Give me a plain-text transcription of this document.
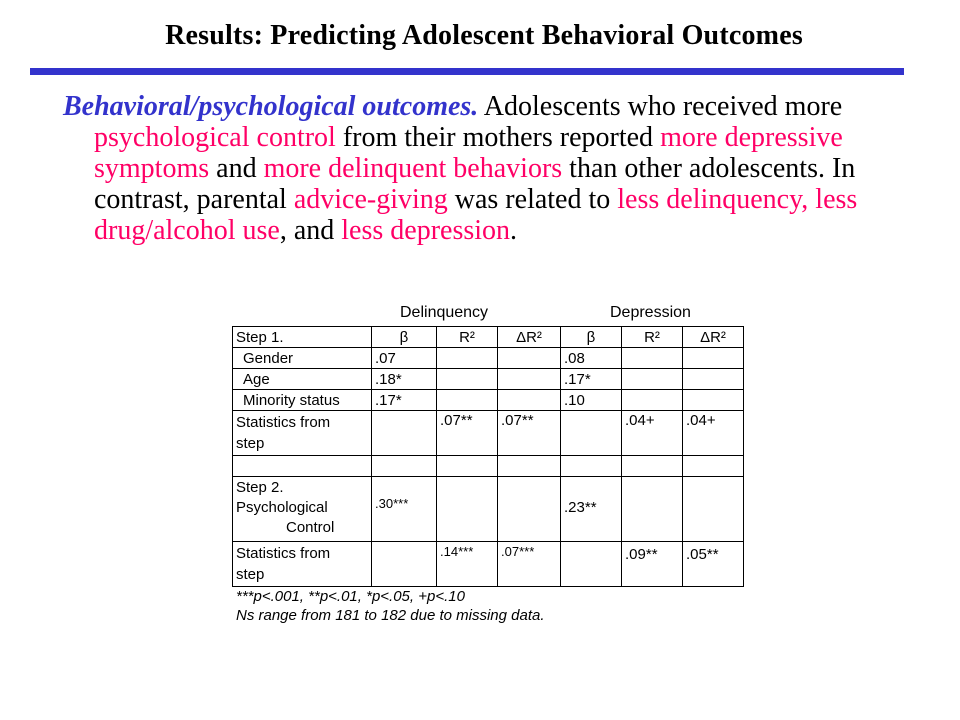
Results: Predicting Adolescent Behavioral Outcomes
Behavioral/psychological outcomes. Adolescents who received more psychological control from their mothers reported more depressive symptoms and more delinquent behaviors than other adolescents. In contrast, parental advice-giving was related to less delinquency, less drug/alcohol use, and less depression.
Delinquency	Depression
Step 1.	β	R²	ΔR²	β	R²	ΔR²
Gender	.07			.08		
Age	.18*			.17*		
Minority status	.17*			.10		

Statistics from
step		.07**	.07**		.04+	.04+

Step 2.
Psychological
Control	.30***			.23**		

Statistics from
step		.14***	.07***		.09**	.05**
***p<.001, **p<.01, *p<.05, +p<.10
Ns range from 181 to 182 due to missing data.
